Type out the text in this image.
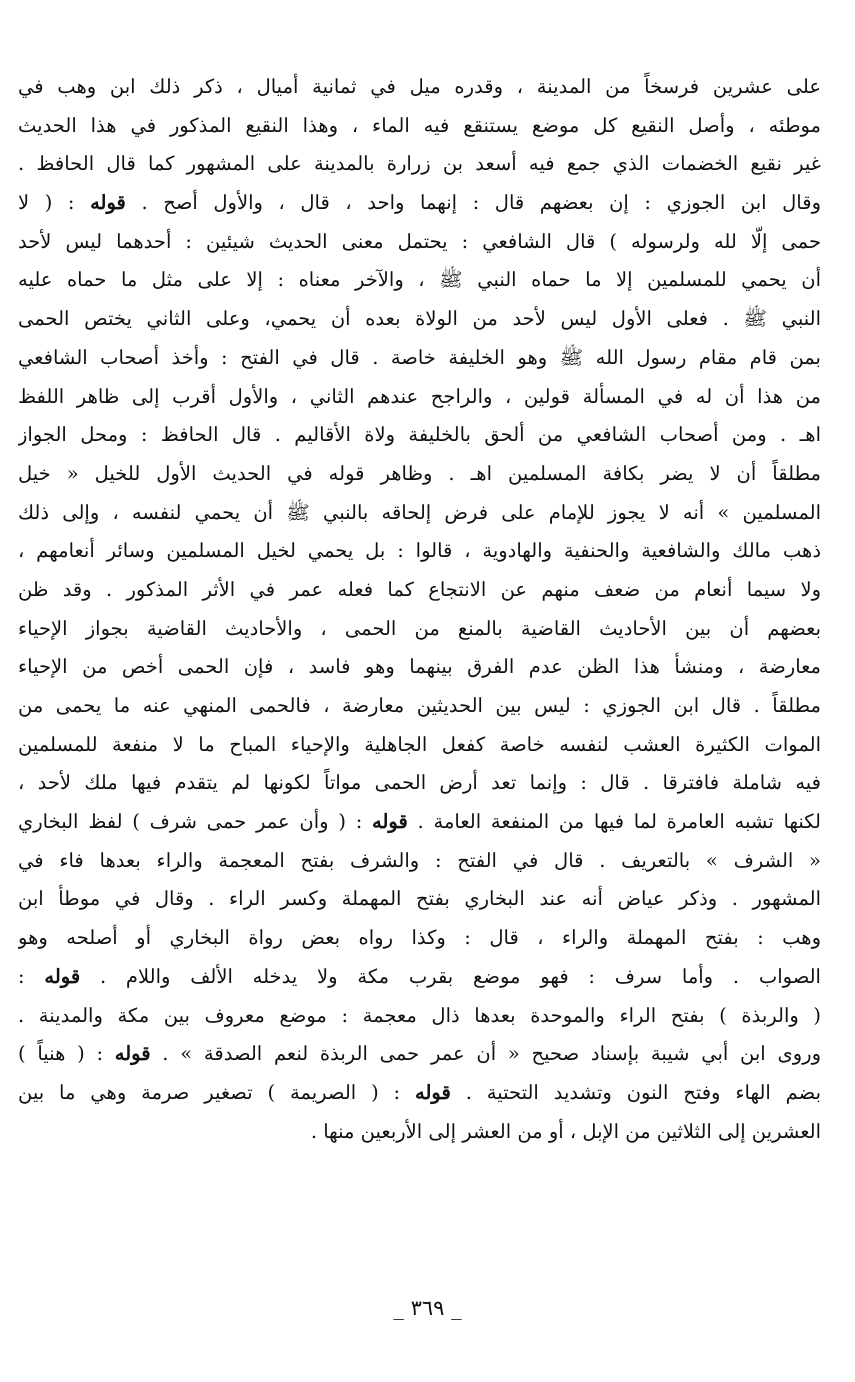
على عشرين فرسخاً من المدينة ، وقدره ميل في ثمانية أميال ، ذكر ذلك ابن وهب في
موطئه ، وأصل النقيع كل موضع يستنقع فيه الماء ، وهذا النقيع المذكور في هذا الحديث
غير نقيع الخضمات الذي جمع فيه أسعد بن زرارة بالمدينة على المشهور كما قال الحافظ .
وقال ابن الجوزي : إن بعضهم قال : إنهما واحد ، قال ، والأول أصح . قوله : ( لا
حمى إلّا لله ولرسوله ) قال الشافعي : يحتمل معنى الحديث شيئين : أحدهما ليس لأحد
أن يحمي للمسلمين إلا ما حماه النبي ﷺ ، والآخر معناه : إلا على مثل ما حماه عليه
النبي ﷺ . فعلى الأول ليس لأحد من الولاة بعده أن يحمي، وعلى الثاني يختص الحمى
بمن قام مقام رسول الله ﷺ وهو الخليفة خاصة . قال في الفتح : وأخذ أصحاب الشافعي
من هذا أن له في المسألة قولين ، والراجح عندهم الثاني ، والأول أقرب إلى ظاهر اللفظ
اهـ . ومن أصحاب الشافعي من ألحق بالخليفة ولاة الأقاليم . قال الحافظ : ومحل الجواز
مطلقاً أن لا يضر بكافة المسلمين اهـ . وظاهر قوله في الحديث الأول للخيل « خيل
المسلمين » أنه لا يجوز للإمام على فرض إلحاقه بالنبي ﷺ أن يحمي لنفسه ، وإلى ذلك
ذهب مالك والشافعية والحنفية والهادوية ، قالوا : بل يحمي لخيل المسلمين وسائر أنعامهم ،
ولا سيما أنعام من ضعف منهم عن الانتجاع كما فعله عمر في الأثر المذكور . وقد ظن
بعضهم أن بين الأحاديث القاضية بالمنع من الحمى ، والأحاديث القاضية بجواز الإحياء
معارضة ، ومنشأ هذا الظن عدم الفرق بينهما وهو فاسد ، فإن الحمى أخص من الإحياء
مطلقاً . قال ابن الجوزي : ليس بين الحديثين معارضة ، فالحمى المنهي عنه ما يحمى من
الموات الكثيرة العشب لنفسه خاصة كفعل الجاهلية والإحياء المباح ما لا منفعة للمسلمين
فيه شاملة فافترقا . قال : وإنما تعد أرض الحمى مواتاً لكونها لم يتقدم فيها ملك لأحد ،
لكنها تشبه العامرة لما فيها من المنفعة العامة . قوله : ( وأن عمر حمى شرف ) لفظ البخاري
« الشرف » بالتعريف . قال في الفتح : والشرف بفتح المعجمة والراء بعدها فاء في
المشهور . وذكر عياض أنه عند البخاري بفتح المهملة وكسر الراء . وقال في موطأ ابن
وهب : بفتح المهملة والراء ، قال : وكذا رواه بعض رواة البخاري أو أصلحه وهو
الصواب . وأما سرف : فهو موضع بقرب مكة ولا يدخله الألف واللام . قوله :
( والربذة ) بفتح الراء والموحدة بعدها ذال معجمة : موضع معروف بين مكة والمدينة .
وروى ابن أبي شيبة بإسناد صحيح « أن عمر حمى الربذة لنعم الصدقة » . قوله : ( هنياً )
بضم الهاء وفتح النون وتشديد التحتية . قوله : ( الصريمة ) تصغير صرمة وهي ما بين
العشرين إلى الثلاثين من الإبل ، أو من العشر إلى الأربعين منها .
_ ٣٦٩ _
